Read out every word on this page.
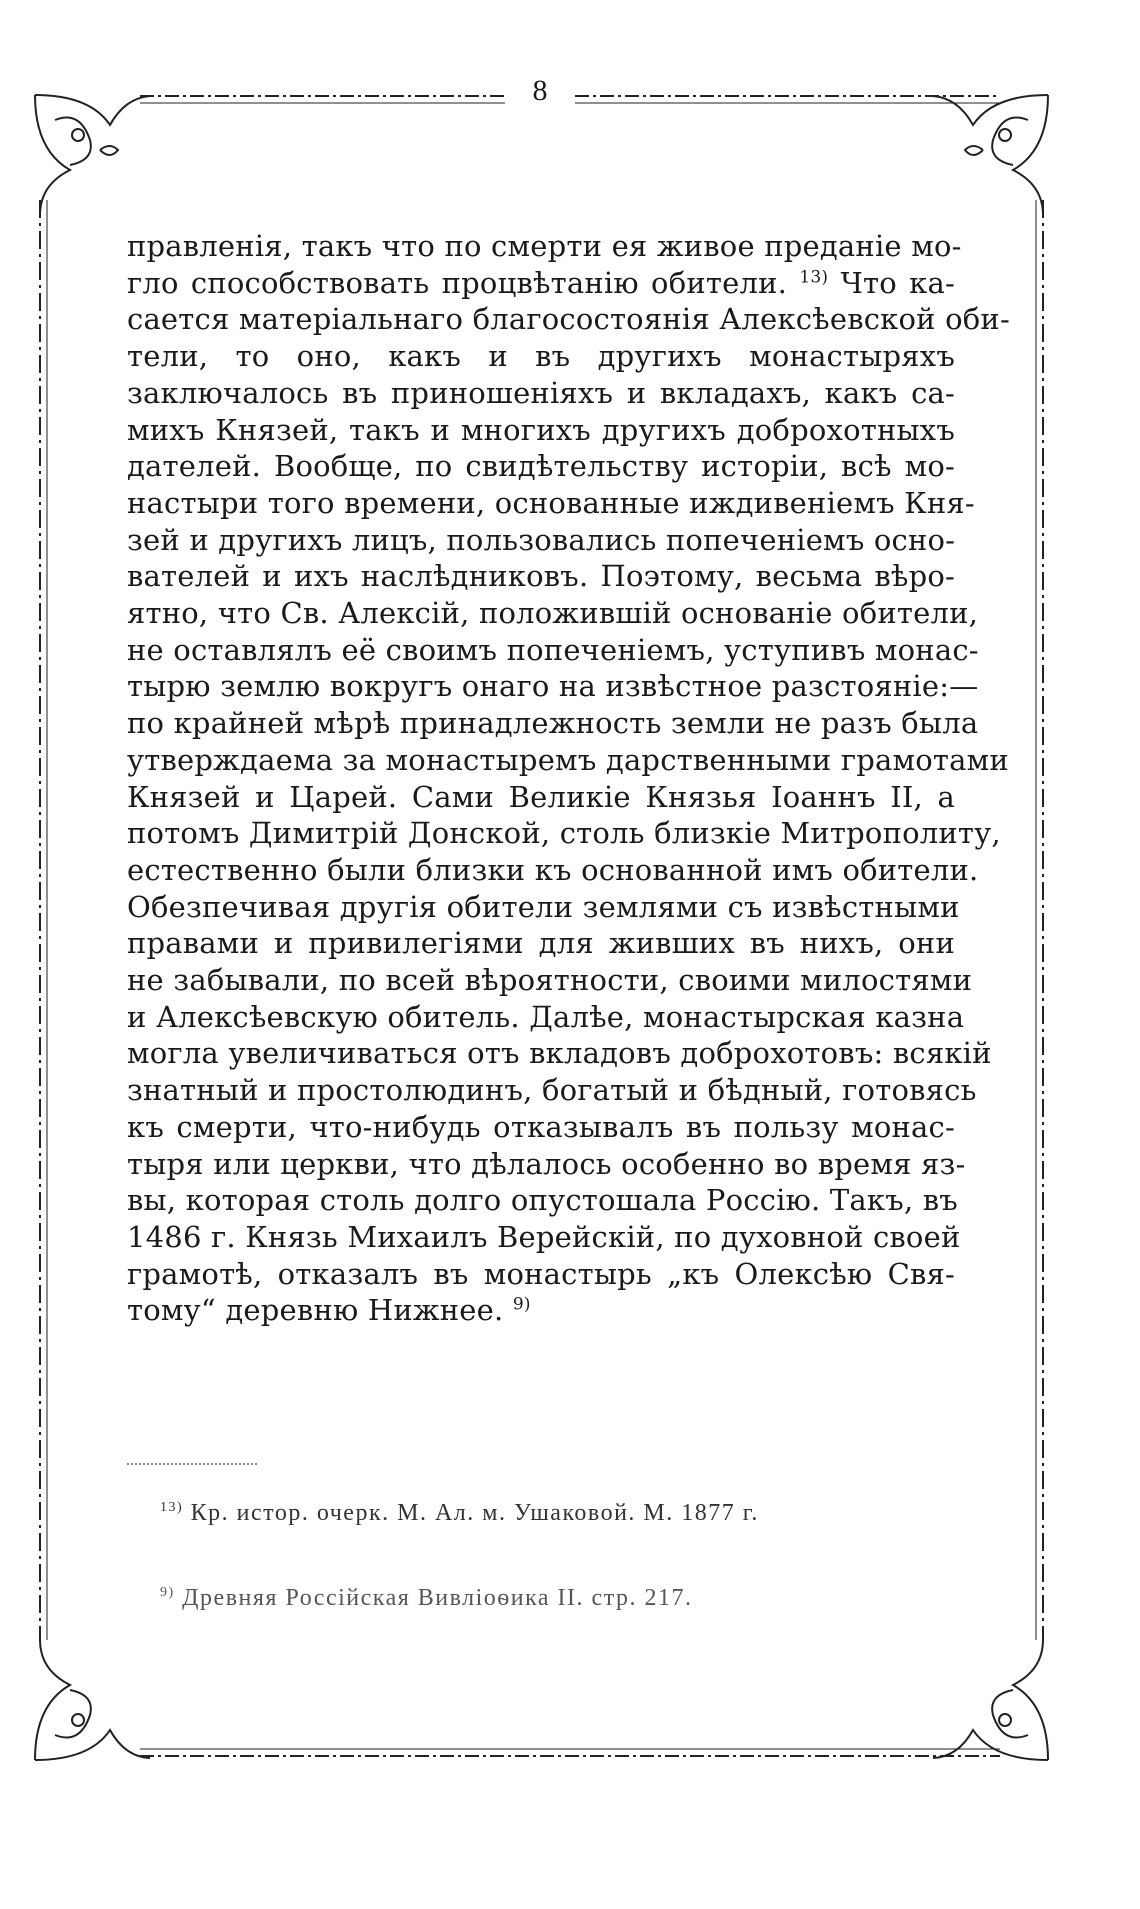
8
правленія, такъ что по смерти ея живое преданіе мо-
гло способствовать процвѣтанію обители. $^{13)}$ Что ка-
сается матеріальнаго благосостоянія Алексѣевской оби-
тели, то оно, какъ и въ другихъ монастыряхъ
заключалось въ приношеніяхъ и вкладахъ, какъ са-
михъ Князей, такъ и многихъ другихъ доброхотныхъ
дателей. Вообще, по свидѣтельству исторіи, всѣ мо-
настыри того времени, основанные иждивеніемъ Кня-
зей и другихъ лицъ, пользовались попеченіемъ осно-
вателей и ихъ наслѣдниковъ. Поэтому, весьма вѣро-
ятно, что Св. Алексій, положившій основаніе обители,
не оставлялъ её своимъ попеченіемъ, уступивъ монас-
тырю землю вокругъ онаго на извѣстное разстояніе:—
по крайней мѣрѣ принадлежность земли не разъ была
утверждаема за монастыремъ дарственными грамотами
Князей и Царей. Сами Великіе Князья Іоаннъ II, а
потомъ Димитрій Донской, столь близкіе Митрополиту,
естественно были близки къ основанной имъ обители.
Обезпечивая другія обители землями съ извѣстными
правами и привилегіями для живших въ нихъ, они
не забывали, по всей вѣроятности, своими милостями
и Алексѣевскую обитель. Далѣе, монастырская казна
могла увеличиваться отъ вкладовъ доброхотовъ: всякій
знатный и простолюдинъ, богатый и бѣдный, готовясь
къ смерти, что-нибудь отказывалъ въ пользу монас-
тыря или церкви, что дѣлалось особенно во время яз-
вы, которая столь долго опустошала Россію. Такъ, въ
1486 г. Князь Михаилъ Верейскій, по духовной своей
грамотѣ, отказалъ въ монастырь „къ Олексѣю Свя-
тому“ деревню Нижнее. $^{9)}$
$^{13)}$ Кр. истор. очерк. М. Ал. м. Ушаковой. М. 1877 г.
$^{9)}$ Древняя Россійская Вивліоѳика II. стр. 217.
